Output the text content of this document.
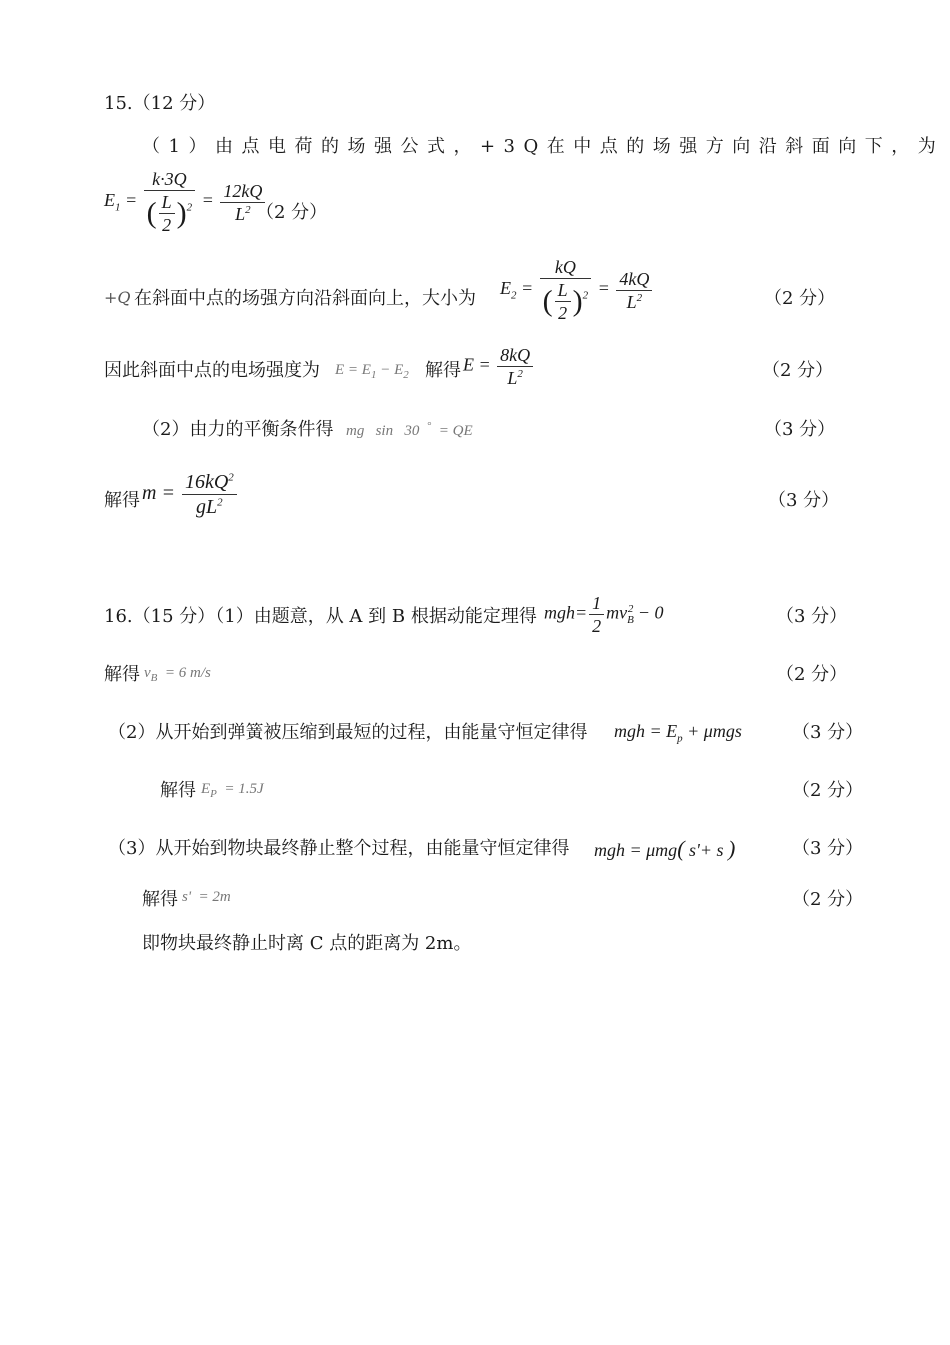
15.（12 分）
（1）由点电荷的场强公式，+3Q在中点的场强方向沿斜面向下，为
$E_1 = \frac{k\cdot 3Q}{( \frac{L}{2} )^2} = \frac{12kQ}{L^2}$
（2 分）
+Q 在斜面中点的场强方向沿斜面向上，大小为 $E_2 = \frac{kQ}{( \frac{L}{2} )^2} = \frac{4kQ}{L^2}$	（2 分）
因此斜面中点的电场强度为 $E = E_1 - E_2$ 解得 $E = \frac{8kQ}{L^2}$	（2 分）
（2）由力的平衡条件得 mg   sin 30 °  = QE	（3 分）
解得 $m = \frac{16kQ^2}{gL^2}$	（3 分）
16.（15 分）（1）由题意，从 A 到 B 根据动能定理得 $mgh= \frac{1}{2} mv_B^2 - 0$	（3 分）
解得 $v_B = 6$ m/s	（2 分）
（2）从开始到弹簧被压缩到最短的过程，由能量守恒定律得 mgh = $E_p + \mu mgs$	（3 分）
解得 $E_P = 1.5J$	（2 分）
（3）从开始到物块最终静止整个过程，由能量守恒定律得 mgh = μmg( s'+ s )	（3 分）
解得 s'  = 2m	（2 分）
即物块最终静止时离 C 点的距离为 2m。
